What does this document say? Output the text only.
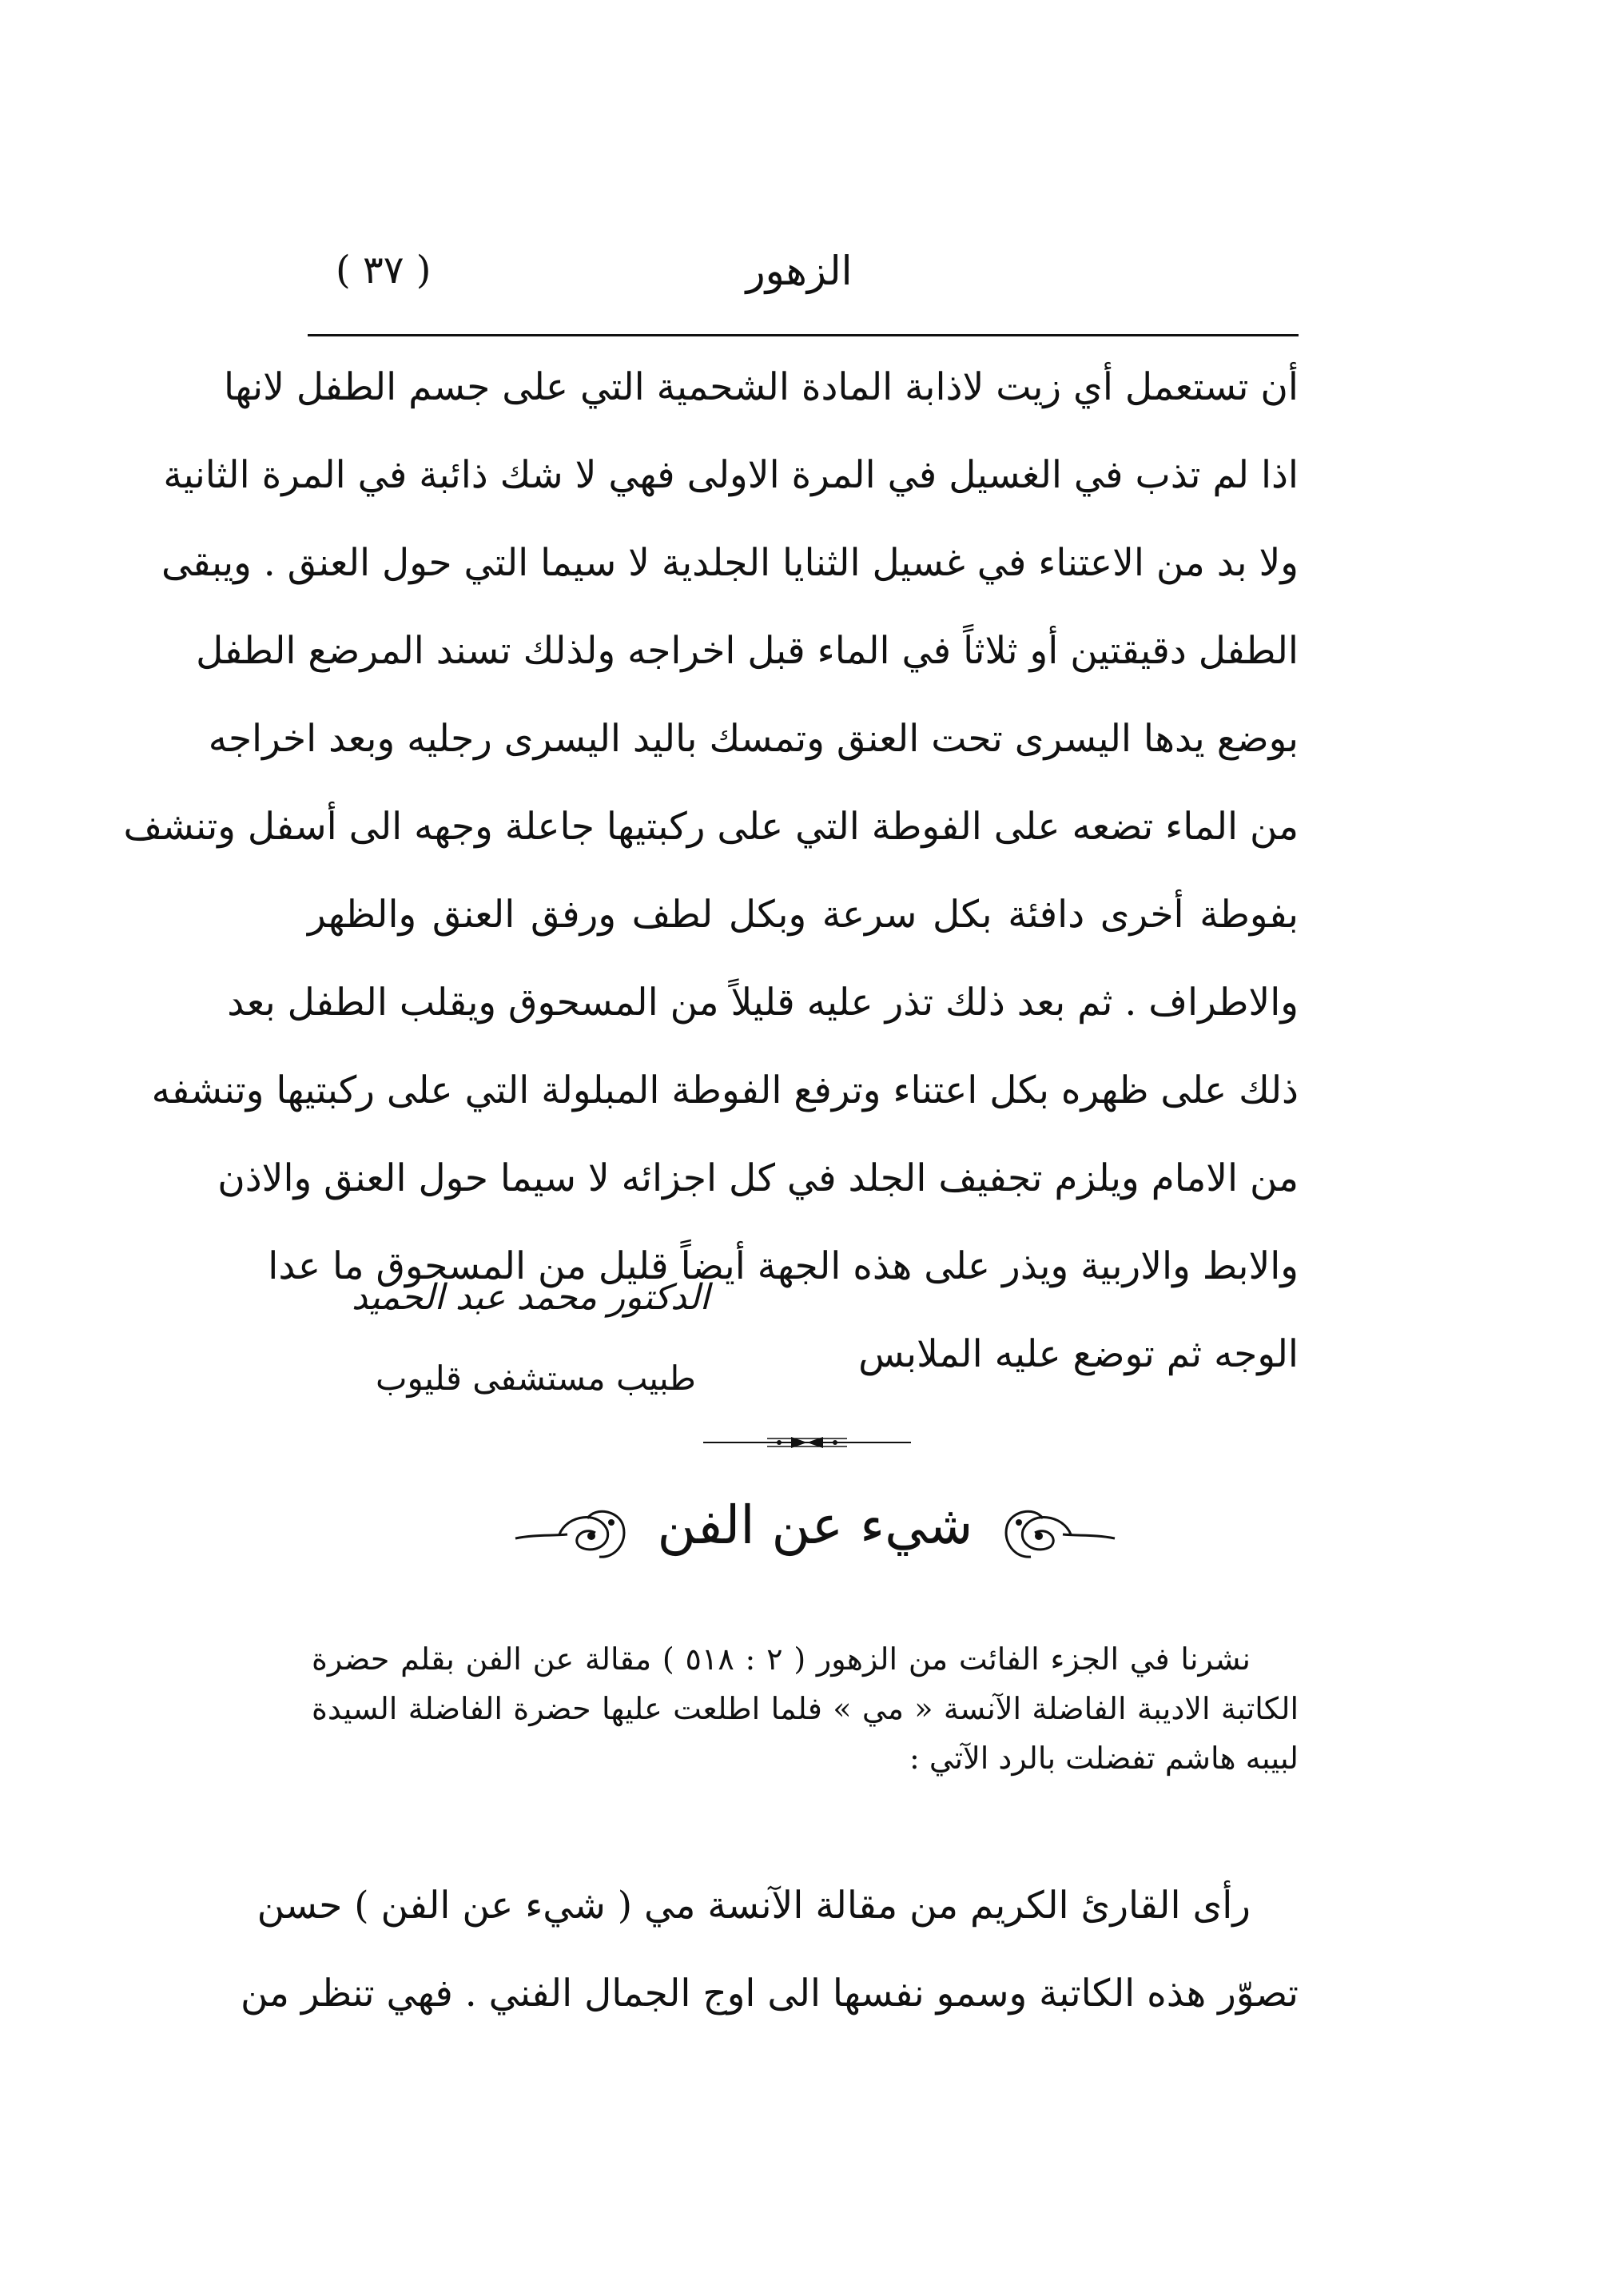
الزهور
( ٣٧ )
أن تستعمل أي زيت لاذابة المادة الشحمية التي على جسم الطفل لانها
اذا لم تذب في الغسيل في المرة الاولى فهي لا شك ذائبة في المرة الثانية
ولا بد من الاعتناء في غسيل الثنايا الجلدية لا سيما التي حول العنق . ويبقى
الطفل دقيقتين أو ثلاثاً في الماء قبل اخراجه ولذلك تسند المرضع الطفل
بوضع يدها اليسرى تحت العنق وتمسك باليد اليسرى رجليه وبعد اخراجه
من الماء تضعه على الفوطة التي على ركبتيها جاعلة وجهه الى أسفل وتنشف
بفوطة أخرى دافئة بكل سرعة وبكل لطف ورفق العنق والظهر
والاطراف . ثم بعد ذلك تذر عليه قليلاً من المسحوق ويقلب الطفل بعد
ذلك على ظهره بكل اعتناء وترفع الفوطة المبلولة التي على ركبتيها وتنشفه
من الامام ويلزم تجفيف الجلد في كل اجزائه لا سيما حول العنق والاذن
والابط والاربية ويذر على هذه الجهة أيضاً قليل من المسحوق ما عدا
الوجه ثم توضع عليه الملابس
الدكتور محمد عبد الحميد
طبيب مستشفى قليوب
شيء عن الفن
نشرنا في الجزء الفائت من الزهور ( ٢ : ٥١٨ ) مقالة عن الفن بقلم حضرة
الكاتبة الاديبة الفاضلة الآنسة « مي » فلما اطلعت عليها حضرة الفاضلة السيدة
لبيبه هاشم تفضلت بالرد الآتي :
رأى القارئ الكريم من مقالة الآنسة مي ( شيء عن الفن ) حسن
تصوّر هذه الكاتبة وسمو نفسها الى اوج الجمال الفني . فهي تنظر من
